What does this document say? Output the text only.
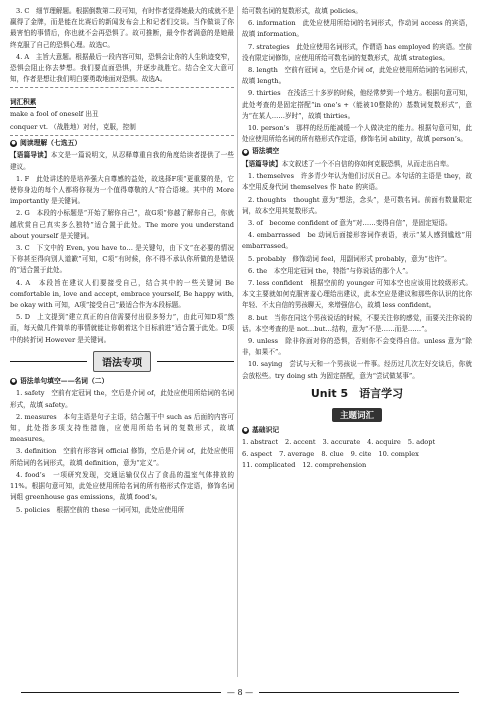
3. C　细节理解题。根据倒数第二段可知，有时作者觉得她最大的成就不是赢得了金牌，而是能在比赛后的新闻发布会上和记者们交谈。当作做谈了你最害怕的事情后，你也就不会再恐惧了。故可推断，最令作者满意的是她最终克服了自己的恐惧心理。故选C。

4. A　主旨大意题。根据最后一段内容可知，恐惧会让你的人生轨迹变窄，恐惧会阻止你去梦想。我们要直面恐惧，并逐步战胜它。结合全文大意可知，作者是想让我们明白要勇敢地面对恐惧。故选A。

词汇积累
make a fool of oneself 出丑
conquer vt. （战胜地）对付，克服，控制
● 阅读理解（七选五）

【语篇导读】本文是一篇说明文，从忍释尊重自我的角度给读者提供了一些建议。

1. F　此处讲述的是培养强大自尊感的益处，故选择F项“更重要的是，它使你身边的每个人都将你视为一个值得尊敬的人”符合语境。其中的 More importantly 是关键词。

2. G　本段的小标题是“开始了解你自己”，故G项“你越了解你自己，你就越欣赏自己真实多么独特”适合置于此处。The more you understand about yourself 是关键词。

3. C　下文中的 Even, you have to… 是关键句，由下文“在必要的情况下你甚至得向别人道歉”可知，C项“有时候，你不得不承认你所做的是错误的”适合置于此处。

4. A　本段旨在建议人们要接受自己，结合其中的一些关键词 Be comfortable in, love and accept, embrace yourself, Be happy with, be okay with 可知，A项“接受自己”最适合作为本段标题。

5. D　上文提到“建立真正的自信需要付出很多努力”，由此可知D项“然而，每天做几件简单的事情就能让你朝着这个目标前进”适合置于此处。D项中的转折词 However 是关键词。

语法专项
● 语法单句填空——名词（二）

1. safety　空前有定冠词 the，空后是介词 of，此处应使用所给词的名词形式，故填 safety。

2. measures　本句主语是句子主语，结合题干中 such as 后面的内容可知，此处指多项支持性措施，应使用所给名词的复数形式，故填 measures。

3. definition　空前有形容词 official 修饰，空后是介词 of，此处应使用所给词的名词形式，故填 definition，意为“定义”。

4. food’s　一项研究发现，交通运输仅仅占了食品的温室气体排放的11%。根据句意可知，此处应使用所给名词的所有格形式作定语，修饰名词词组 greenhouse gas emissions，故填 food’s。

5. policies　根据空前的 these 一词可知，此处应使用所

给可数名词的复数形式，故填 policies。

6. information　此处应使用所给词的名词形式，作动词 access 的宾语，故填 information。

7. strategies　此处应使用名词形式，作谓语 has employed 的宾语。空前没有限定词修饰，应使用所给可数名词的复数形式，故填 strategies。

8. length　空前有冠词 a，空后是介词 of，此处应使用所给词的名词形式，故填 length。

9. thirties　在浅活三十多岁的时候，他经常梦到一个地方。根据句意可知，此处考查的是固定搭配“in one’s +（能被10整除的）基数词复数形式”，意为“在某人……岁时”，故填 thirties。

10. person’s　那样的经历能减缓一个人做决定的能力。根据句意可知，此处应使用所给名词的所有格形式作定语，修饰名词 ability，故填 person’s。

● 语法填空

【语篇导读】本文叙述了一个不自信的你如何克服恐惧，从而走出自卑。

1. themselves　许多青少年认为他们讨厌自己。本句话的主语是 they，故本空用反身代词 themselves 作 hate 的宾语。

2. thoughts　thought 意为“想法，念头”，是可数名词。前面有数量限定词，故本空用其复数形式。

3. of　become confident of 意为“对……变得自信”，是固定短语。

4. embarrassed　be 动词后面接形容词作表语，表示“某人感到尴尬”用 embarrassed。

5. probably　修饰动词 feel，用副词形式 probably，意为“也许”。

6. the　本空用定冠词 the，特指“与你说话的那个人”。

7. less confident　根据空前的 younger 可知本空也应该用比较级形式。本文主要就如何克服害羞心理给出建议，此本空应是建议和那些你认识的比你年轻、不太自信的男孩聊天，来增强信心，故填 less confident。

8. but　当你在同这个男孩说话的时候，不要关注你的感觉，而要关注你说的话。本空考查的是 not…but…结构，意为“不是……而是……”。

9. unless　除非你面对你的恐惧，否则你不会变得自信。unless 意为“除非，如果不”。

10. saying　尝试与天和一个男孩说一件事。经历过几次左好交谈后，你就会放松些。try doing sth 为固定搭配，意为“尝试做某事”。

Unit 5　语言学习
主题词汇
● 基础识记
1. abstract 2. accent 3. accurate 4. acquire 5. adopt
6. aspect 7. average 8. clue 9. cite 10. complex
11. complicated 12. comprehension
— 8 —
